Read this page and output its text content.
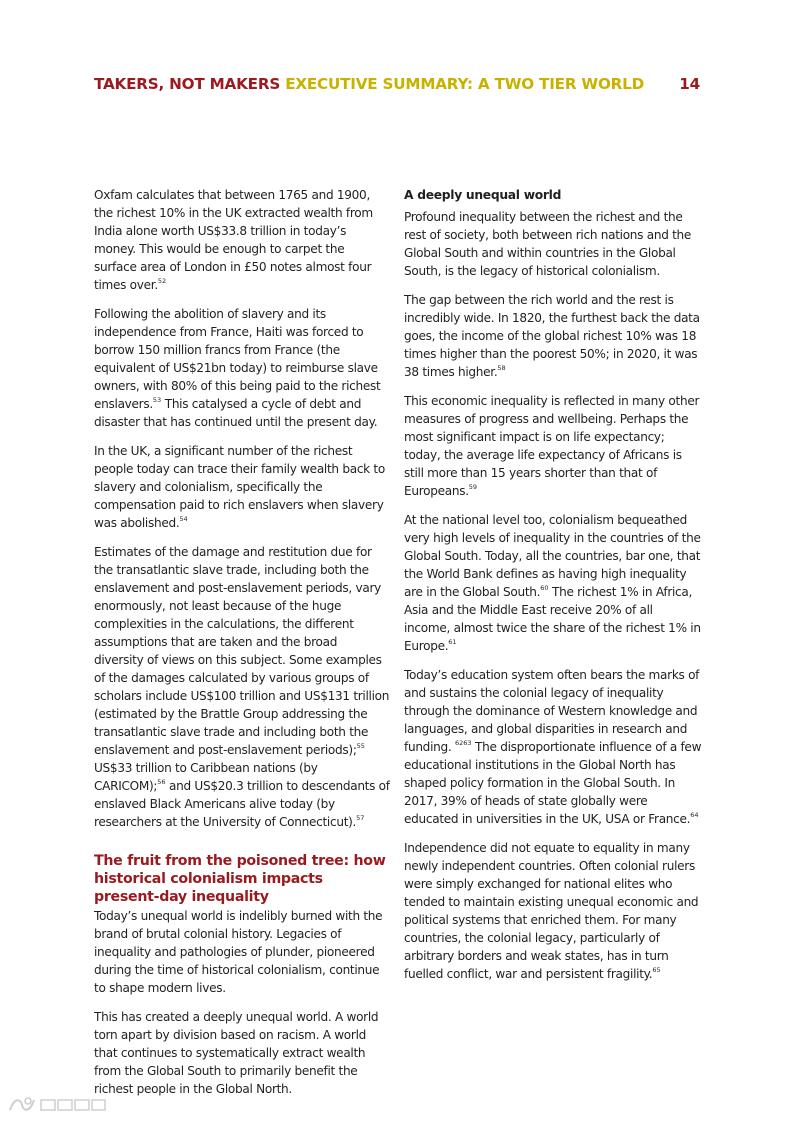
TAKERS, NOT MAKERS EXECUTIVE SUMMARY: A TWO TIER WORLD 14

Oxfam calculates that between 1765 and 1900, the richest 10% in the UK extracted wealth from India alone worth US$33.8 trillion in today’s money. This would be enough to carpet the surface area of London in £50 notes almost four times over.$^{52}$

Following the abolition of slavery and its independence from France, Haiti was forced to borrow 150 million francs from France (the equivalent of US$21bn today) to reimburse slave owners, with 80% of this being paid to the richest enslavers.$^{53}$ This catalysed a cycle of debt and disaster that has continued until the present day.

In the UK, a significant number of the richest people today can trace their family wealth back to slavery and colonialism, specifically the compensation paid to rich enslavers when slavery was abolished.$^{54}$

Estimates of the damage and restitution due for the transatlantic slave trade, including both the enslavement and post-enslavement periods, vary enormously, not least because of the huge complexities in the calculations, the different assumptions that are taken and the broad diversity of views on this subject. Some examples of the damages calculated by various groups of scholars include US$100 trillion and US$131 trillion (estimated by the Brattle Group addressing the transatlantic slave trade and including both the enslavement and post-enslavement periods);$^{55}$ US$33 trillion to Caribbean nations (by CARICOM);$^{56}$ and US$20.3 trillion to descendants of enslaved Black Americans alive today (by researchers at the University of Connecticut).$^{57}$

The fruit from the poisoned tree: how historical colonialism impacts present-day inequality

Today’s unequal world is indelibly burned with the brand of brutal colonial history. Legacies of inequality and pathologies of plunder, pioneered during the time of historical colonialism, continue to shape modern lives.

This has created a deeply unequal world. A world torn apart by division based on racism. A world that continues to systematically extract wealth from the Global South to primarily benefit the richest people in the Global North.

A deeply unequal world

Profound inequality between the richest and the rest of society, both between rich nations and the Global South and within countries in the Global South, is the legacy of historical colonialism.

The gap between the rich world and the rest is incredibly wide. In 1820, the furthest back the data goes, the income of the global richest 10% was 18 times higher than the poorest 50%; in 2020, it was 38 times higher.$^{58}$

This economic inequality is reflected in many other measures of progress and wellbeing. Perhaps the most significant impact is on life expectancy; today, the average life expectancy of Africans is still more than 15 years shorter than that of Europeans.$^{59}$

At the national level too, colonialism bequeathed very high levels of inequality in the countries of the Global South. Today, all the countries, bar one, that the World Bank defines as having high inequality are in the Global South.$^{60}$ The richest 1% in Africa, Asia and the Middle East receive 20% of all income, almost twice the share of the richest 1% in Europe.$^{61}$

Today’s education system often bears the marks of and sustains the colonial legacy of inequality through the dominance of Western knowledge and languages, and global disparities in research and funding. $^{6263}$ The disproportionate influence of a few educational institutions in the Global North has shaped policy formation in the Global South. In 2017, 39% of heads of state globally were educated in universities in the UK, USA or France.$^{64}$

Independence did not equate to equality in many newly independent countries. Often colonial rulers were simply exchanged for national elites who tended to maintain existing unequal economic and political systems that enriched them. For many countries, the colonial legacy, particularly of arbitrary borders and weak states, has in turn fuelled conflict, war and persistent fragility.$^{65}$
